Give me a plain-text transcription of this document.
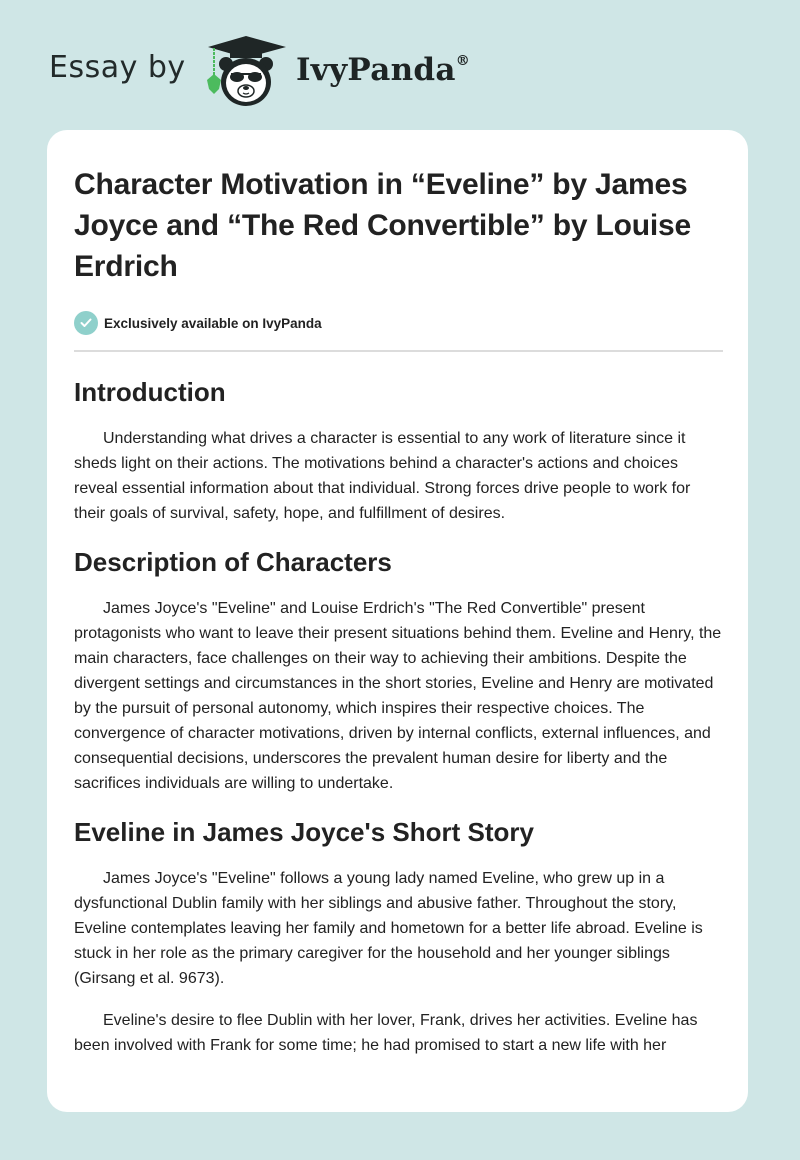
Essay by	IvyPanda®
Character Motivation in “Eveline” by James Joyce and “The Red Convertible” by Louise Erdrich
Exclusively available on IvyPanda
Introduction

Understanding what drives a character is essential to any work of literature since it sheds light on their actions. The motivations behind a character's actions and choices reveal essential information about that individual. Strong forces drive people to work for their goals of survival, safety, hope, and fulfillment of desires.

Description of Characters

James Joyce's "Eveline" and Louise Erdrich's "The Red Convertible" present protagonists who want to leave their present situations behind them. Eveline and Henry, the main characters, face challenges on their way to achieving their ambitions. Despite the divergent settings and circumstances in the short stories, Eveline and Henry are motivated by the pursuit of personal autonomy, which inspires their respective choices. The convergence of character motivations, driven by internal conflicts, external influences, and consequential decisions, underscores the prevalent human desire for liberty and the sacrifices individuals are willing to undertake.

Eveline in James Joyce's Short Story

James Joyce's "Eveline" follows a young lady named Eveline, who grew up in a dysfunctional Dublin family with her siblings and abusive father. Throughout the story, Eveline contemplates leaving her family and hometown for a better life abroad. Eveline is stuck in her role as the primary caregiver for the household and her younger siblings (Girsang et al. 9673).

Eveline's desire to flee Dublin with her lover, Frank, drives her activities. Eveline has been involved with Frank for some time; he had promised to start a new life with her
